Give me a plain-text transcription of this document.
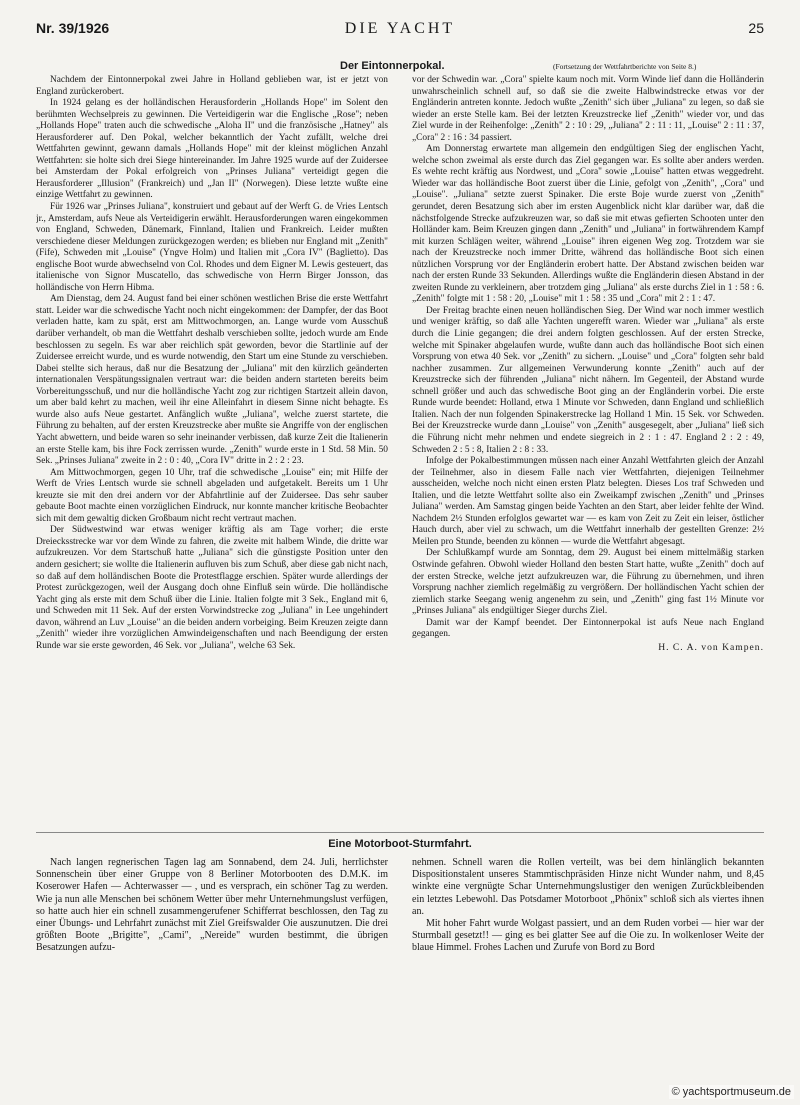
Nr. 39/1926	DIE YACHT	25
Der Eintonnerpokal.	(Fortsetzung der Wettfahrtberichte von Seite 8.)

Nachdem der Eintonnerpokal zwei Jahre in Holland geblieben war, ist er jetzt von England zurückerobert.

In 1924 gelang es der holländischen Herausforderin „Hollands Hope" im Solent den berühmten Wechselpreis zu gewinnen. Die Verteidigerin war die Englische „Rose"; neben „Hollands Hope" traten auch die schwedische „Aloha II" und die französische „Hatney" als Herausforderer auf. Den Pokal, welcher bekanntlich der Yacht zufällt, welche drei Wettfahrten gewinnt, gewann damals „Hollands Hope" mit der kleinst möglichen Anzahl Wettfahrten: sie holte sich drei Siege hintereinander. Im Jahre 1925 wurde auf der Zuidersee bei Amsterdam der Pokal erfolgreich von „Prinses Juliana" verteidigt gegen die Herausforderer „Illusion" (Frankreich) und „Jan II" (Norwegen). Diese letzte wußte eine einzige Wettfahrt zu gewinnen.

Für 1926 war „Prinses Juliana", konstruiert und gebaut auf der Werft G. de Vries Lentsch jr., Amsterdam, aufs Neue als Verteidigerin erwählt. Herausforderungen waren eingekommen von England, Schweden, Dänemark, Finnland, Italien und Frankreich. Leider mußten verschiedene dieser Meldungen zurückgezogen werden; es blieben nur England mit „Zenith" (Fife), Schweden mit „Louise" (Yngve Holm) und Italien mit „Cora IV" (Baglietto). Das englische Boot wurde abwechselnd von Col. Rhodes und dem Eigner M. Lewis gesteuert, das italienische von Signor Muscatello, das schwedische von Herrn Birger Jonsson, das holländische von Herrn Hibma.

Am Dienstag, dem 24. August fand bei einer schönen westlichen Brise die erste Wettfahrt statt. Leider war die schwedische Yacht noch nicht eingekommen: der Dampfer, der das Boot verladen hatte, kam zu spät, erst am Mittwochmorgen, an. Lange wurde vom Ausschuß darüber verhandelt, ob man die Wettfahrt deshalb verschieben sollte, jedoch wurde am Ende beschlossen zu segeln. Es war aber reichlich spät geworden, bevor die Startlinie auf der Zuidersee erreicht wurde, und es wurde notwendig, den Start um eine Stunde zu verschieben. Dabei stellte sich heraus, daß nur die Besatzung der „Juliana" mit den kürzlich geänderten internationalen Verspätungssignalen vertraut war: die beiden andern starteten bereits beim Vorbereitungsschuß, und nur die holländische Yacht zog zur richtigen Startzeit allein davon, um aber bald kehrt zu machen, weil ihr eine Alleinfahrt in diesem Sinne nicht behagte. Es wurde also aufs Neue gestartet. Anfänglich wußte „Juliana", welche zuerst startete, die Führung zu behalten, auf der ersten Kreuzstrecke aber mußte sie Angriffe von der englischen Yacht abwettern, und beide waren so sehr ineinander verbissen, daß kurze Zeit die Italienerin an erste Stelle kam, bis ihre Fock zerrissen wurde. „Zenith" wurde erste in 1 Std. 58 Min. 50 Sek. „Prinses Juliana" zweite in 2 : 0 : 40, „Cora IV" dritte in 2 : 2 : 23.

Am Mittwochmorgen, gegen 10 Uhr, traf die schwedische „Louise" ein; mit Hilfe der Werft de Vries Lentsch wurde sie schnell abgeladen und aufgetakelt. Bereits um 1 Uhr kreuzte sie mit den drei andern vor der Abfahrtlinie auf der Zuidersee. Das sehr sauber gebaute Boot machte einen vorzüglichen Eindruck, nur konnte mancher kritische Beobachter sich mit dem gewaltig dicken Großbaum nicht recht vertraut machen.

Der Südwestwind war etwas weniger kräftig als am Tage vorher; die erste Dreiecksstrecke war vor dem Winde zu fahren, die zweite mit halbem Winde, die dritte war aufzukreuzen. Vor dem Startschuß hatte „Juliana" sich die günstigste Position unter den andern gesichert; sie wollte die Italienerin aufluven bis zum Schuß, aber diese gab nicht nach, so daß auf dem holländischen Boote die Protestflagge erschien. Später wurde allerdings der Protest zurückgezogen, weil der Ausgang doch ohne Einfluß sein würde. Die holländische Yacht ging als erste mit dem Schuß über die Linie. Italien folgte mit 3 Sek., England mit 6, und Schweden mit 11 Sek. Auf der ersten Vorwindstrecke zog „Juliana" in Lee ungehindert davon, während an Luv „Louise" an die beiden andern vorbeiging. Beim Kreuzen zeigte dann „Zenith" wieder ihre vorzüglichen Amwindeigenschaften und nach Beendigung der ersten Runde war sie erste geworden, 46 Sek. vor „Juliana", welche 63 Sek.

vor der Schwedin war. „Cora" spielte kaum noch mit. Vorm Winde lief dann die Holländerin unwahrscheinlich schnell auf, so daß sie die zweite Halbwindstrecke etwas vor der Engländerin antreten konnte. Jedoch wußte „Zenith" sich über „Juliana" zu legen, so daß sie wieder an erste Stelle kam. Bei der letzten Kreuzstrecke lief „Zenith" wieder vor, und das Ziel wurde in der Reihenfolge: „Zenith" 2 : 10 : 29, „Juliana" 2 : 11 : 11, „Louise" 2 : 11 : 37, „Cora" 2 : 16 : 34 passiert.

Am Donnerstag erwartete man allgemein den endgültigen Sieg der englischen Yacht, welche schon zweimal als erste durch das Ziel gegangen war. Es sollte aber anders werden. Es wehte recht kräftig aus Nordwest, und „Cora" sowie „Louise" hatten etwas weggedreht. Wieder war das holländische Boot zuerst über die Linie, gefolgt von „Zenith", „Cora" und „Louise". „Juliana" setzte zuerst Spinaker. Die erste Boje wurde zuerst von „Zenith" gerundet, deren Besatzung sich aber im ersten Augenblick nicht klar darüber war, daß die nächstfolgende Strecke aufzukreuzen war, so daß sie mit etwas gefierten Schooten unter den Holländer kam. Beim Kreuzen gingen dann „Zenith" und „Juliana" in fortwährendem Kampf mit kurzen Schlägen weiter, während „Louise" ihren eigenen Weg zog. Trotzdem war sie nach der Kreuzstrecke noch immer Dritte, während das holländische Boot sich einen nützlichen Vorsprung vor der Engländerin erobert hatte. Der Abstand zwischen beiden war nach der ersten Runde 33 Sekunden. Allerdings wußte die Engländerin diesen Abstand in der zweiten Runde zu verkleinern, aber trotzdem ging „Juliana" als erste durchs Ziel in 1 : 58 : 6. „Zenith" folgte mit 1 : 58 : 20, „Louise" mit 1 : 58 : 35 und „Cora" mit 2 : 1 : 47.

Der Freitag brachte einen neuen holländischen Sieg. Der Wind war noch immer westlich und weniger kräftig, so daß alle Yachten ungerefft waren. Wieder war „Juliana" als erste durch die Linie gegangen; die drei andern folgten geschlossen. Auf der ersten Strecke, welche mit Spinaker abgelaufen wurde, wußte dann auch das holländische Boot sich einen Vorsprung von etwa 40 Sek. vor „Zenith" zu sichern. „Louise" und „Cora" folgten sehr bald nachher zusammen. Zur allgemeinen Verwunderung konnte „Zenith" auch auf der Kreuzstrecke sich der führenden „Juliana" nicht nähern. Im Gegenteil, der Abstand wurde schnell größer und auch das schwedische Boot ging an der Engländerin vorbei. Die erste Runde wurde beendet: Holland, etwa 1 Minute vor Schweden, dann England und schließlich Italien. Nach der nun folgenden Spinakerstrecke lag Holland 1 Min. 15 Sek. vor Schweden. Bei der Kreuzstrecke wurde dann „Louise" von „Zenith" ausgesegelt, aber „Juliana" ließ sich die Führung nicht mehr nehmen und endete siegreich in 2 : 1 : 47. England 2 : 2 : 49, Schweden 2 : 5 : 8, Italien 2 : 8 : 33.

Infolge der Pokalbestimmungen müssen nach einer Anzahl Wettfahrten gleich der Anzahl der Teilnehmer, also in diesem Falle nach vier Wettfahrten, diejenigen Teilnehmer ausscheiden, welche noch nicht einen ersten Platz belegten. Dieses Los traf Schweden und Italien, und die letzte Wettfahrt sollte also ein Zweikampf zwischen „Zenith" und „Prinses Juliana" werden. Am Samstag gingen beide Yachten an den Start, aber leider fehlte der Wind. Nachdem 2½ Stunden erfolglos gewartet war — es kam von Zeit zu Zeit ein leiser, östlicher Hauch durch, aber viel zu schwach, um die Wettfahrt innerhalb der gestellten Grenze: 2½ Meilen pro Stunde, beenden zu können — wurde die Wettfahrt abgesagt.

Der Schlußkampf wurde am Sonntag, dem 29. August bei einem mittelmäßig starken Ostwinde gefahren. Obwohl wieder Holland den besten Start hatte, wußte „Zenith" doch auf der ersten Strecke, welche jetzt aufzukreuzen war, die Führung zu übernehmen, und ihren Vorsprung nachher ziemlich regelmäßig zu vergrößern. Der holländischen Yacht schien der ziemlich starke Seegang wenig angenehm zu sein, und „Zenith" ging fast 1½ Minute vor „Prinses Juliana" als endgültiger Sieger durchs Ziel.

Damit war der Kampf beendet. Der Eintonnerpokal ist aufs Neue nach England gegangen.

H. C. A. von Kampen.
Eine Motorboot-Sturmfahrt.

Nach langen regnerischen Tagen lag am Sonnabend, dem 24. Juli, herrlichster Sonnenschein über einer Gruppe von 8 Berliner Motorbooten des D.M.K. im Koserower Hafen — Achterwasser — , und es versprach, ein schöner Tag zu werden. Wie ja nun alle Menschen bei schönem Wetter über mehr Unternehmungslust verfügen, so hatte auch hier ein schnell zusammengerufener Schifferrat beschlossen, den Tag zu einer Übungs- und Lehrfahrt zunächst mit Ziel Greifswalder Oie auszunutzen. Die drei größten Boote „Brigitte", „Cami", „Nereide" wurden bestimmt, die übrigen Besatzungen aufzu-

nehmen. Schnell waren die Rollen verteilt, was bei dem hinlänglich bekannten Dispositionstalent unseres Stammtischpräsiden Hinze nicht Wunder nahm, und 8,45 winkte eine vergnügte Schar Unternehmungslustiger den wenigen Zurückbleibenden ein letztes Lebewohl. Das Potsdamer Motorboot „Phönix" schloß sich als viertes ihnen an.

Mit hoher Fahrt wurde Wolgast passiert, und an dem Ruden vorbei — hier war der Sturmball gesetzt!! — ging es bei glatter See auf die Oie zu. In wolkenloser Weite der blaue Himmel. Frohes Lachen und Zurufe von Bord zu Bord

© yachtsportmuseum.de
